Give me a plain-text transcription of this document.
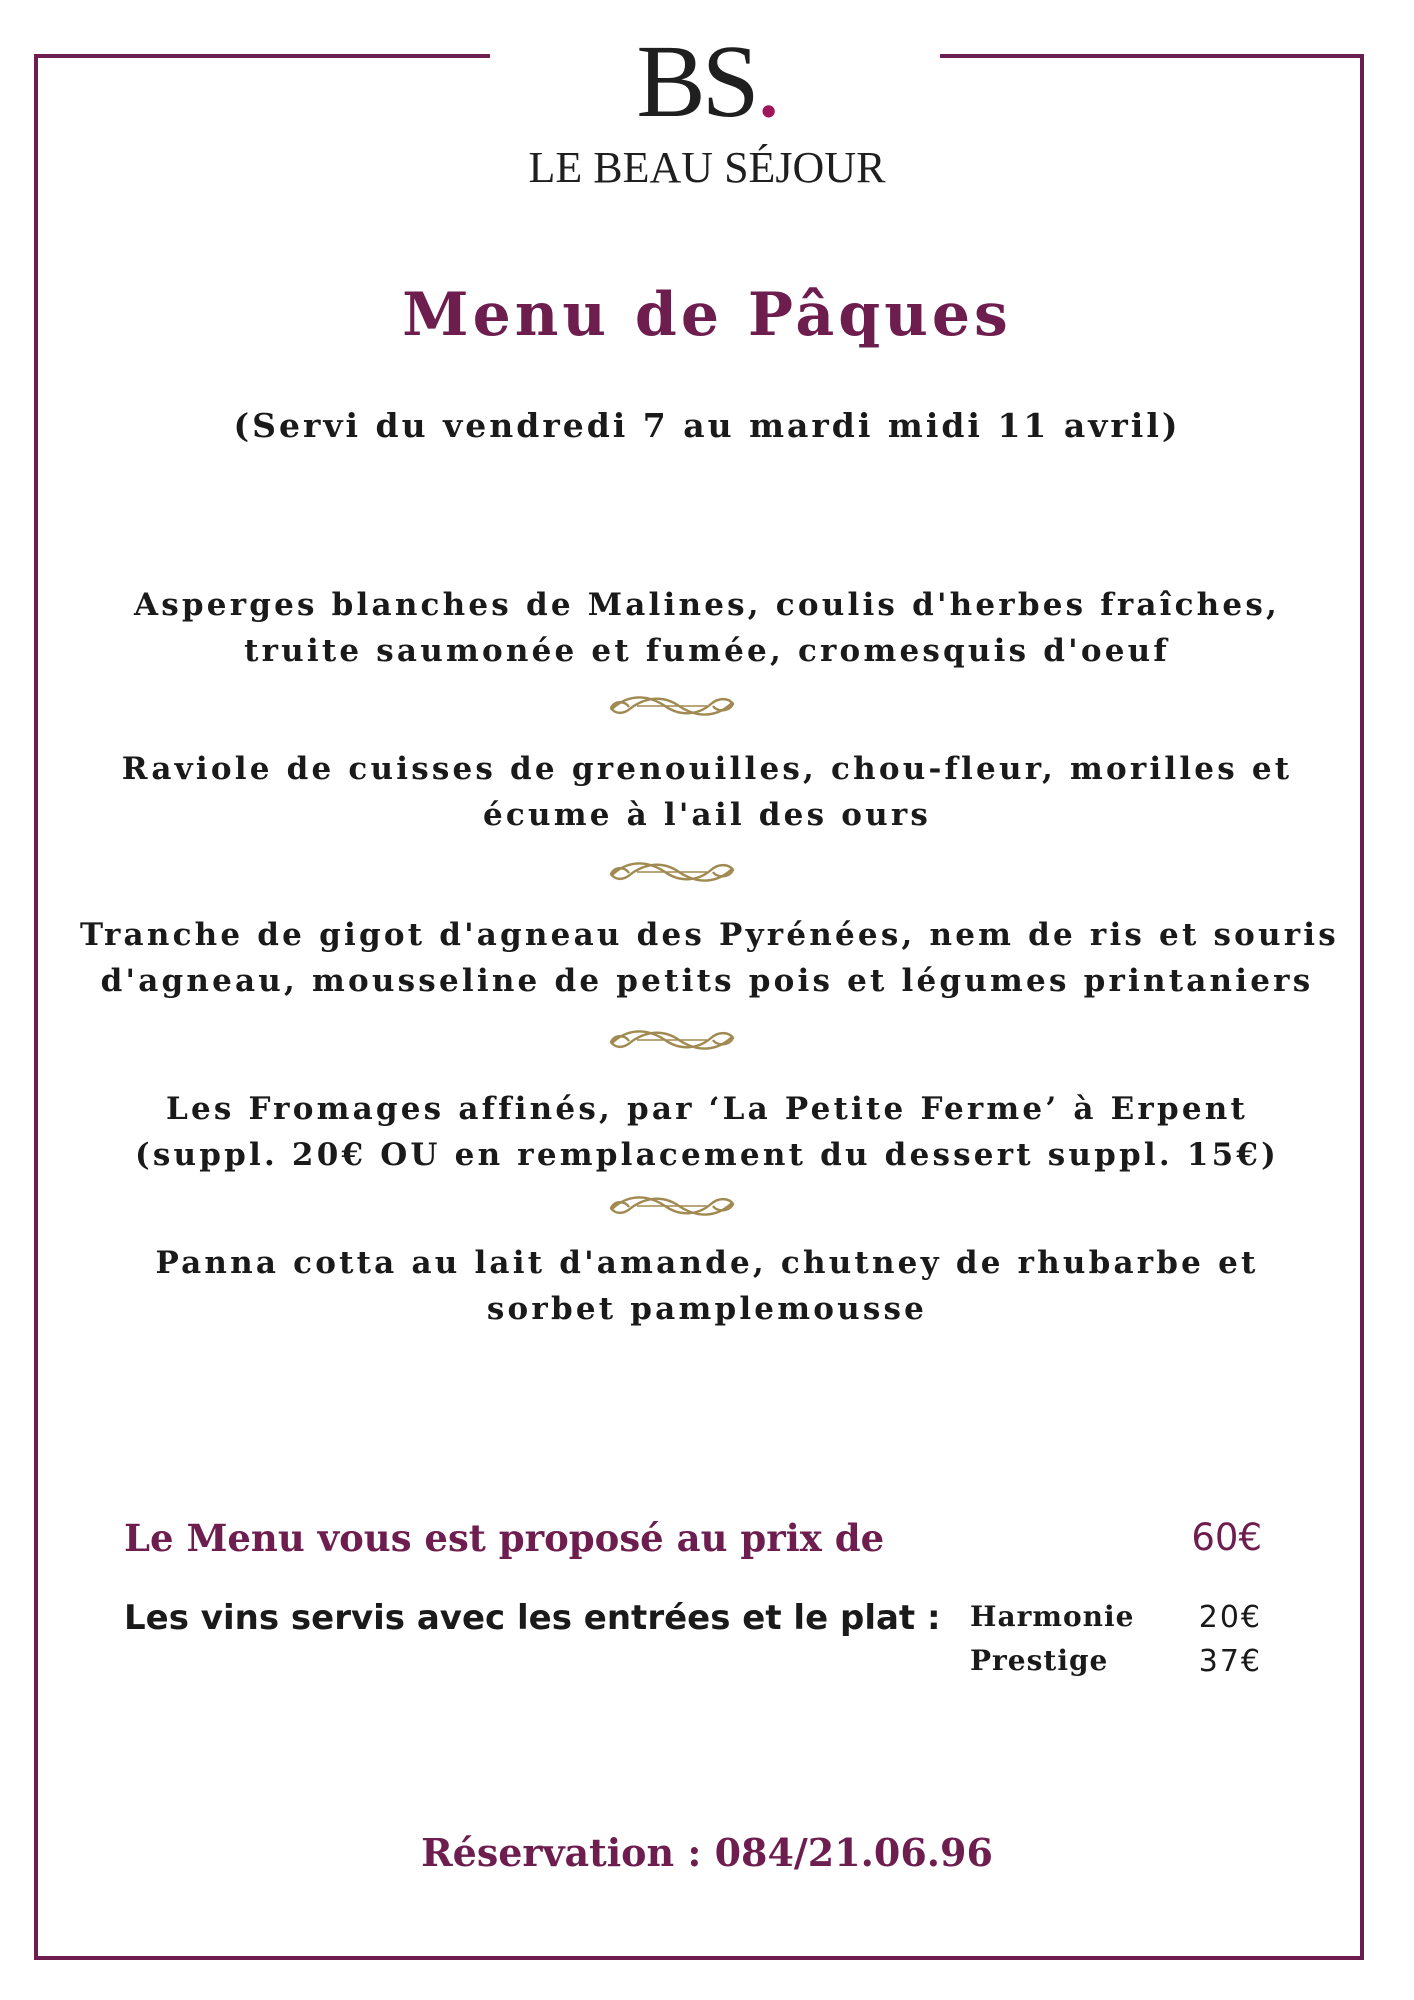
BS.
LE BEAU SÉJOUR
Menu de Pâques
(Servi du vendredi 7 au mardi midi 11 avril)
Asperges blanches de Malines, coulis d'herbes fraîches,
truite saumonée et fumée, cromesquis d'oeuf
Raviole de cuisses de grenouilles, chou-fleur, morilles et
écume à l'ail des ours
Tranche de gigot d'agneau des Pyrénées, nem de ris et souris
d'agneau, mousseline de petits pois et légumes printaniers
Les Fromages affinés, par ‘La Petite Ferme’ à Erpent
(suppl. 20€ OU en remplacement du dessert suppl. 15€)
Panna cotta au lait d'amande, chutney de rhubarbe et
sorbet pamplemousse
Le Menu vous est proposé au prix de	60€
Les vins servis avec les entrées et le plat : Harmonie 20€
Prestige	37€
Réservation : 084/21.06.96
